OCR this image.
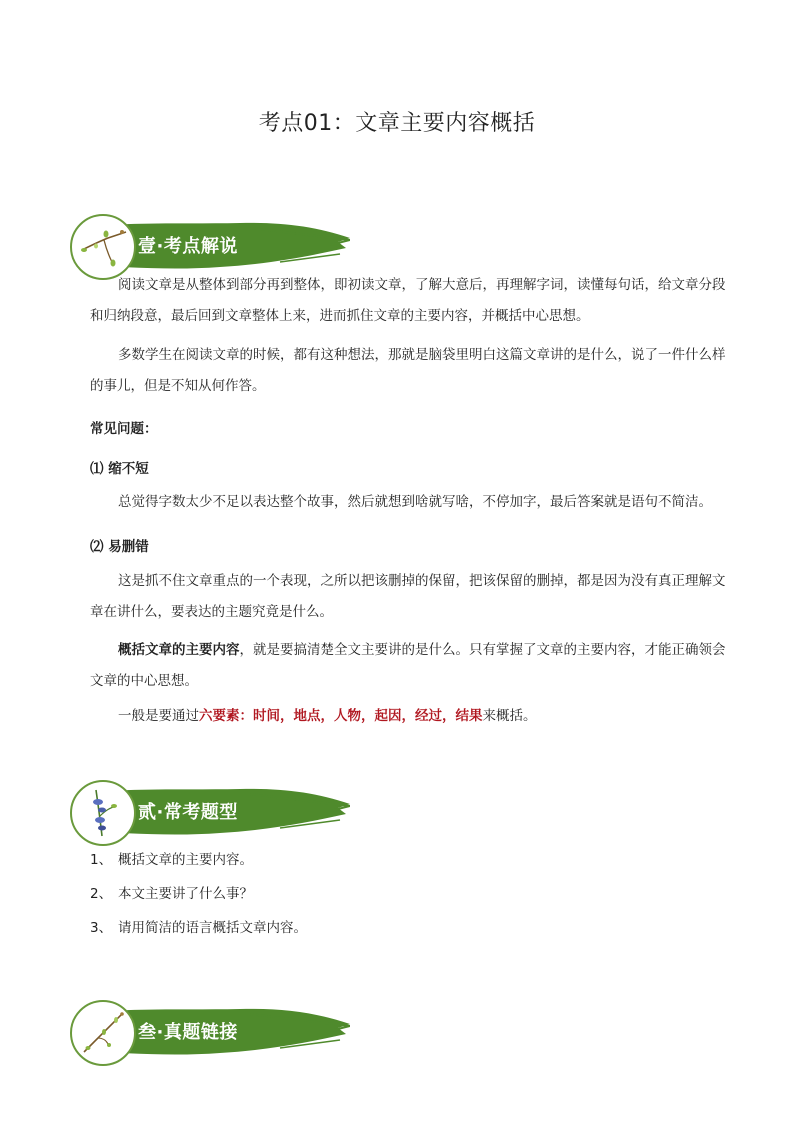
考点01：文章主要内容概括
壹·考点解说

阅读文章是从整体到部分再到整体，即初读文章，了解大意后，再理解字词，读懂每句话，给文章分段和归纳段意，最后回到文章整体上来，进而抓住文章的主要内容，并概括中心思想。

多数学生在阅读文章的时候，都有这种想法，那就是脑袋里明白这篇文章讲的是什么，说了一件什么样的事儿，但是不知从何作答。

常见问题：
⑴ 缩不短

总觉得字数太少不足以表达整个故事，然后就想到啥就写啥，不停加字，最后答案就是语句不简洁。

⑵ 易删错

这是抓不住文章重点的一个表现，之所以把该删掉的保留，把该保留的删掉，都是因为没有真正理解文章在讲什么，要表达的主题究竟是什么。

概括文章的主要内容，就是要搞清楚全文主要讲的是什么。只有掌握了文章的主要内容，才能正确领会文章的中心思想。

一般是要通过六要素：时间，地点，人物，起因，经过，结果来概括。

贰·常考题型
1、 概括文章的主要内容。
2、 本文主要讲了什么事？
3、 请用简洁的语言概括文章内容。
叁·真题链接
